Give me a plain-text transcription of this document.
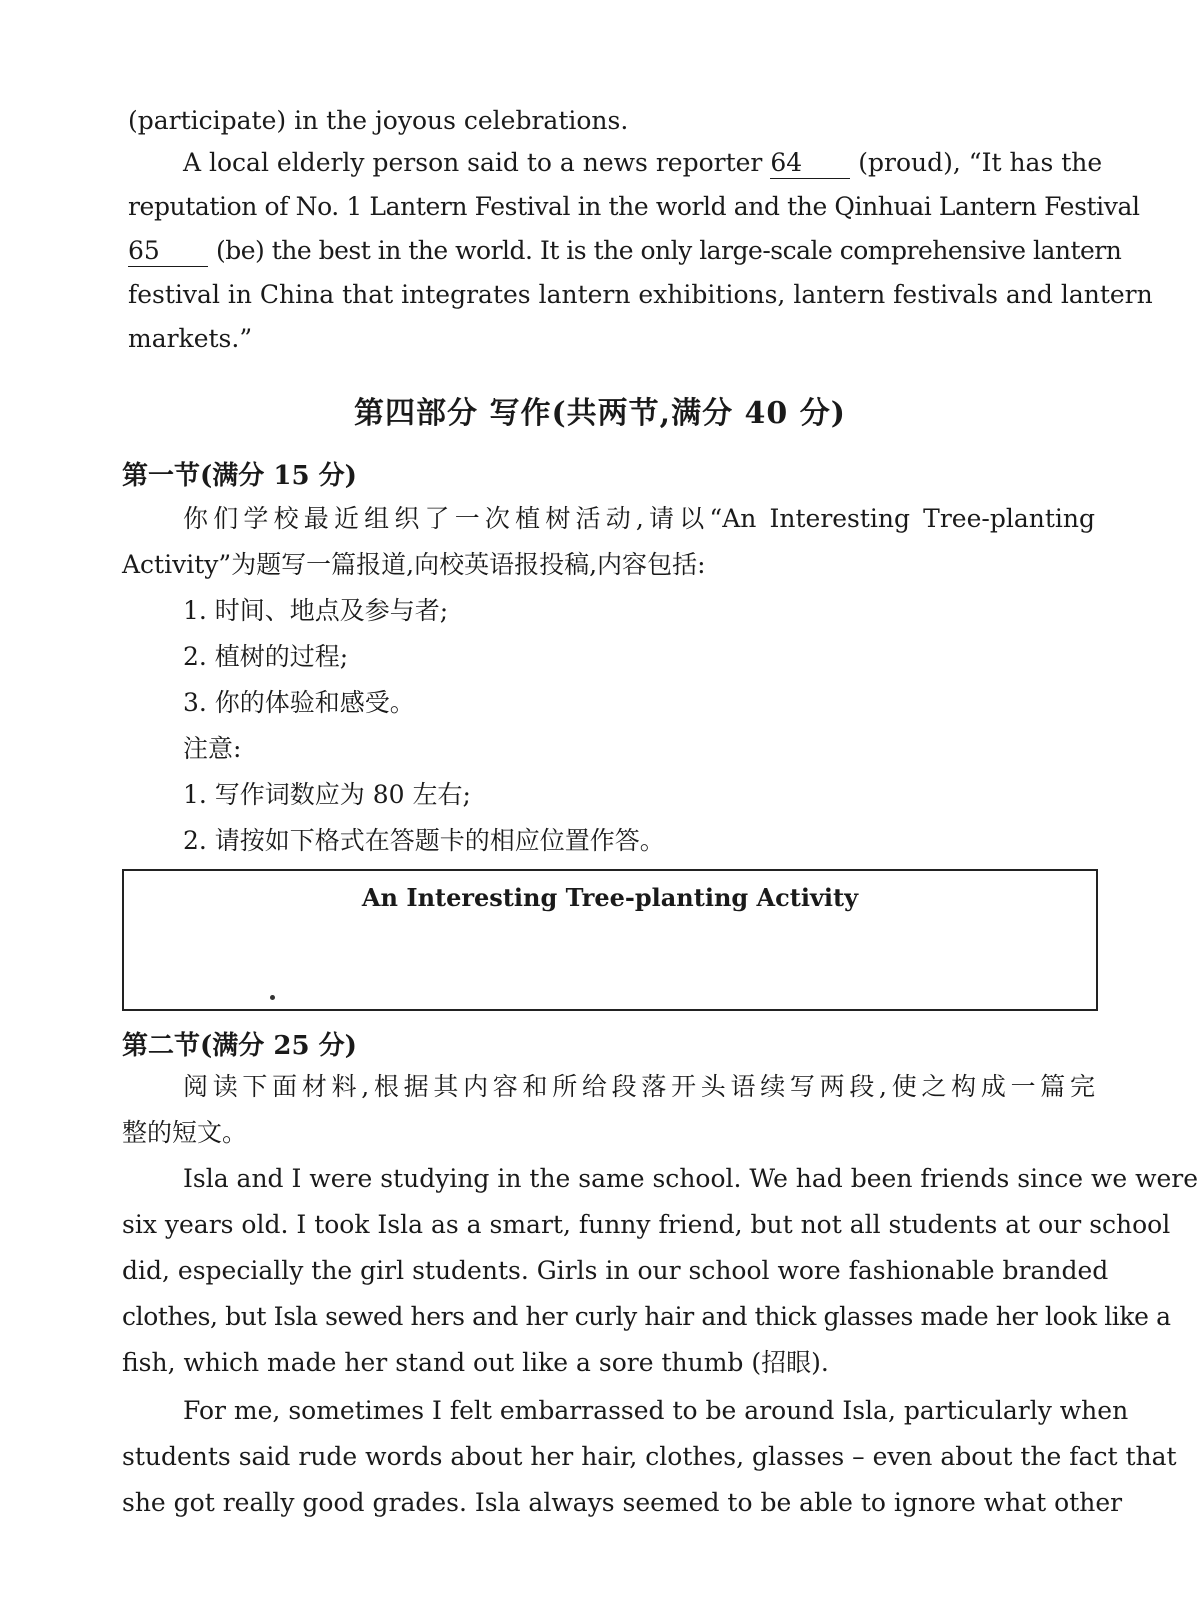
(participate) in the joyous celebrations.
A local elderly person said to a news reporter 64 (proud), “It has the
reputation of No. 1 Lantern Festival in the world and the Qinhuai Lantern Festival
65 (be) the best in the world. It is the only large-scale comprehensive lantern
festival in China that integrates lantern exhibitions, lantern festivals and lantern
markets.”
第四部分 写作(共两节,满分 40 分)
第一节(满分 15 分)
你们学校最近组织了一次植树活动,请以“An Interesting Tree-planting
Activity”为题写一篇报道,向校英语报投稿,内容包括:
1. 时间、地点及参与者;
2. 植树的过程;
3. 你的体验和感受。
注意:
1. 写作词数应为 80 左右;
2. 请按如下格式在答题卡的相应位置作答。
An Interesting Tree-planting Activity
第二节(满分 25 分)
阅读下面材料,根据其内容和所给段落开头语续写两段,使之构成一篇完
整的短文。
Isla and I were studying in the same school. We had been friends since we were
six years old. I took Isla as a smart, funny friend, but not all students at our school
did, especially the girl students. Girls in our school wore fashionable branded
clothes, but Isla sewed hers and her curly hair and thick glasses made her look like a
fish, which made her stand out like a sore thumb (招眼).
For me, sometimes I felt embarrassed to be around Isla, particularly when
students said rude words about her hair, clothes, glasses – even about the fact that
she got really good grades. Isla always seemed to be able to ignore what other
